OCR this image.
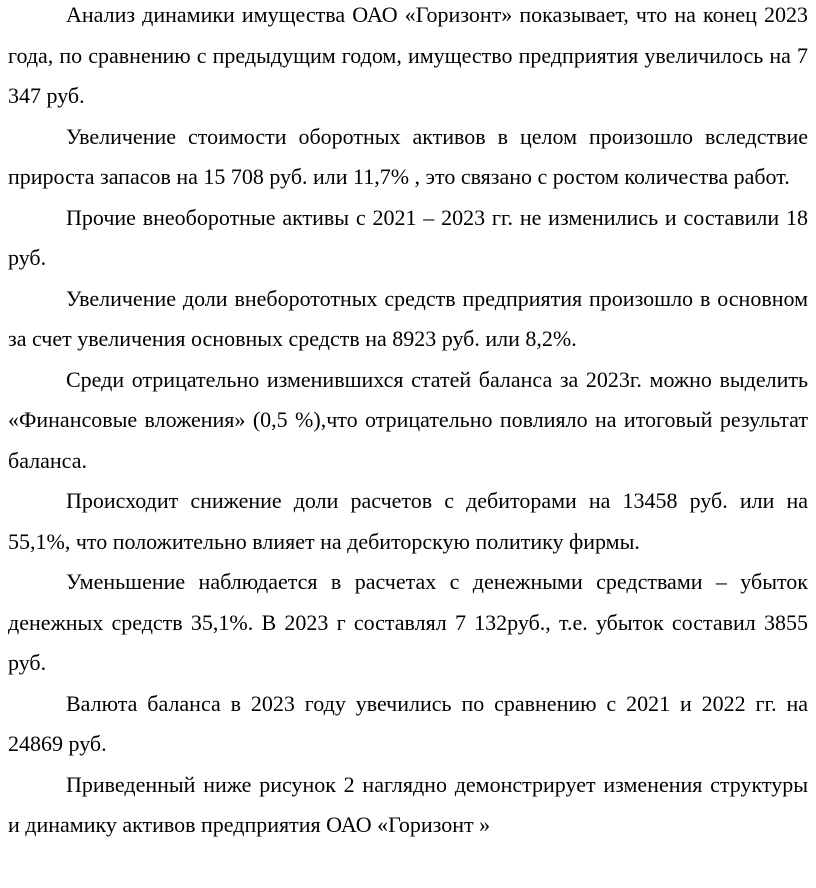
Анализ динамики имущества ОАО «Горизонт» показывает, что на конец 2023 года, по сравнению с предыдущим годом, имущество предприятия увеличилось на 7 347 руб.

Увеличение стоимости оборотных активов в целом произошло вследствие прироста запасов на 15 708 руб. или 11,7% , это связано с ростом количества работ.

Прочие внеоборотные активы с 2021 – 2023 гг. не изменились и составили 18 руб.

Увеличение доли внеборототных средств предприятия произошло в основном за счет увеличения основных средств на 8923 руб. или 8,2%.

Среди отрицательно изменившихся статей баланса за 2023г. можно выделить «Финансовые вложения» (0,5 %),что отрицательно повлияло на итоговый результат баланса.

Происходит снижение доли расчетов с дебиторами на 13458 руб. или на 55,1%, что положительно влияет на дебиторскую политику фирмы.

Уменьшение наблюдается в расчетах с денежными средствами – убыток денежных средств 35,1%. В 2023 г составлял 7 132руб., т.е. убыток составил 3855 руб.

Валюта баланса в 2023 году увечились по сравнению с 2021 и 2022 гг. на 24869 руб.

Приведенный ниже рисунок 2 наглядно демонстрирует изменения структуры и динамику активов предприятия ОАО «Горизонт »
